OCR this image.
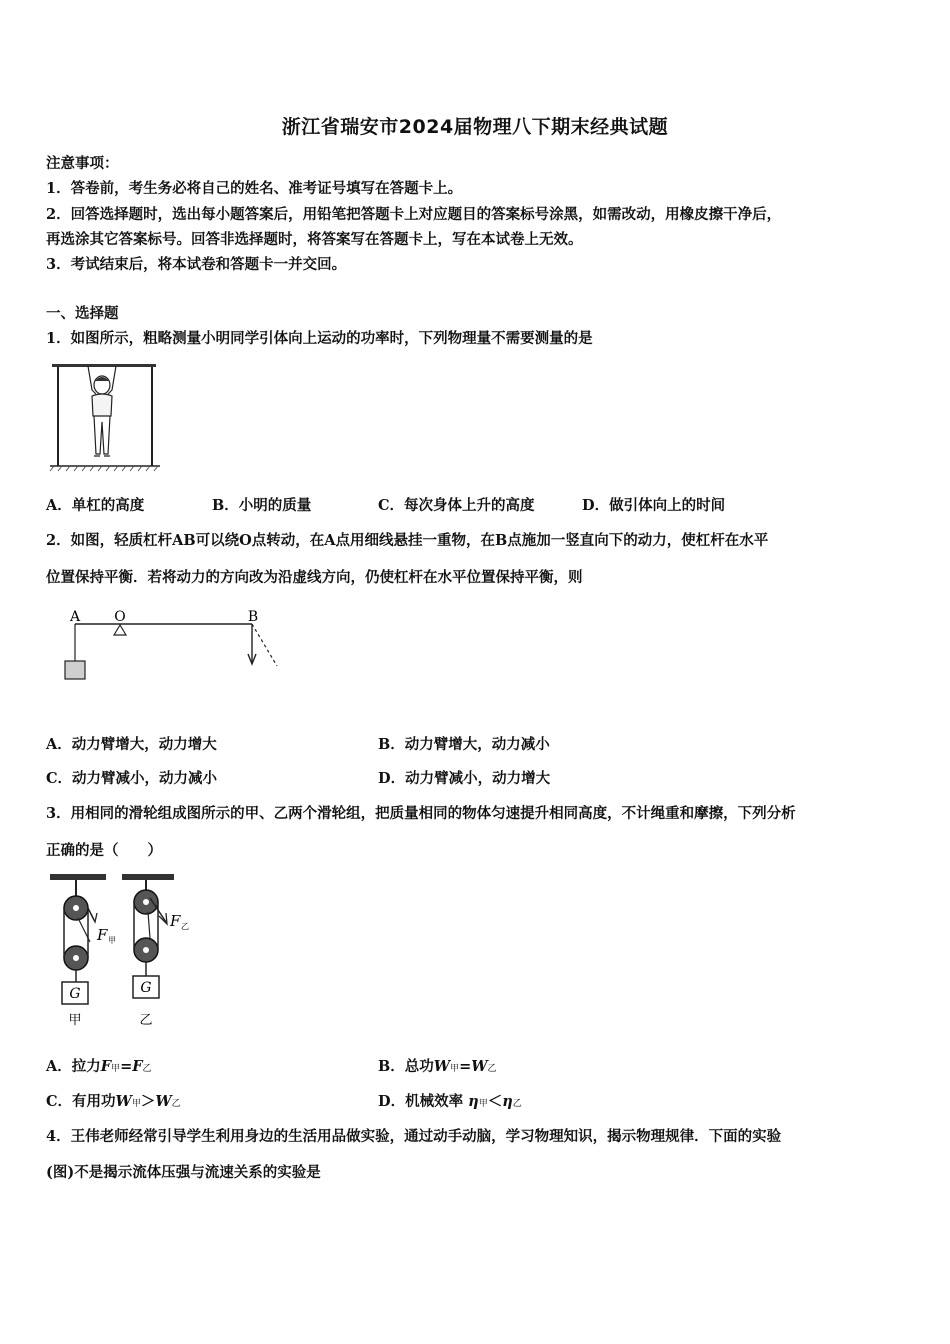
浙江省瑞安市2024届物理八下期末经典试题
注意事项：
1．答卷前，考生务必将自己的姓名、准考证号填写在答题卡上。
2．回答选择题时，选出每小题答案后，用铅笔把答题卡上对应题目的答案标号涂黑，如需改动，用橡皮擦干净后，
再选涂其它答案标号。回答非选择题时，将答案写在答题卡上，写在本试卷上无效。
3．考试结束后，将本试卷和答题卡一并交回。
一、选择题
1．如图所示，粗略测量小明同学引体向上运动的功率时，下列物理量不需要测量的是
A．单杠的高度	B．小明的质量	C．每次身体上升的高度	D．做引体向上的时间
2．如图，轻质杠杆AB可以绕O点转动，在A点用细线悬挂一重物，在B点施加一竖直向下的动力，使杠杆在水平
位置保持平衡．若将动力的方向改为沿虚线方向，仍使杠杆在水平位置保持平衡，则
A O	B
A．动力臂增大，动力增大	B．动力臂增大，动力减小
C．动力臂减小，动力减小	D．动力臂减小，动力增大
3．用相同的滑轮组成图所示的甲、乙两个滑轮组，把质量相同的物体匀速提升相同高度，不计绳重和摩擦，下列分析
正确的是（　　）
G
F 甲
甲
G
F 乙
乙
A．拉力F甲=F乙	B．总功W甲=W乙
C．有用功W甲＞W乙	D．机械效率 η甲＜η乙
4．王伟老师经常引导学生利用身边的生活用品做实验，通过动手动脑，学习物理知识，揭示物理规律．下面的实验
(图)不是揭示流体压强与流速关系的实验是
